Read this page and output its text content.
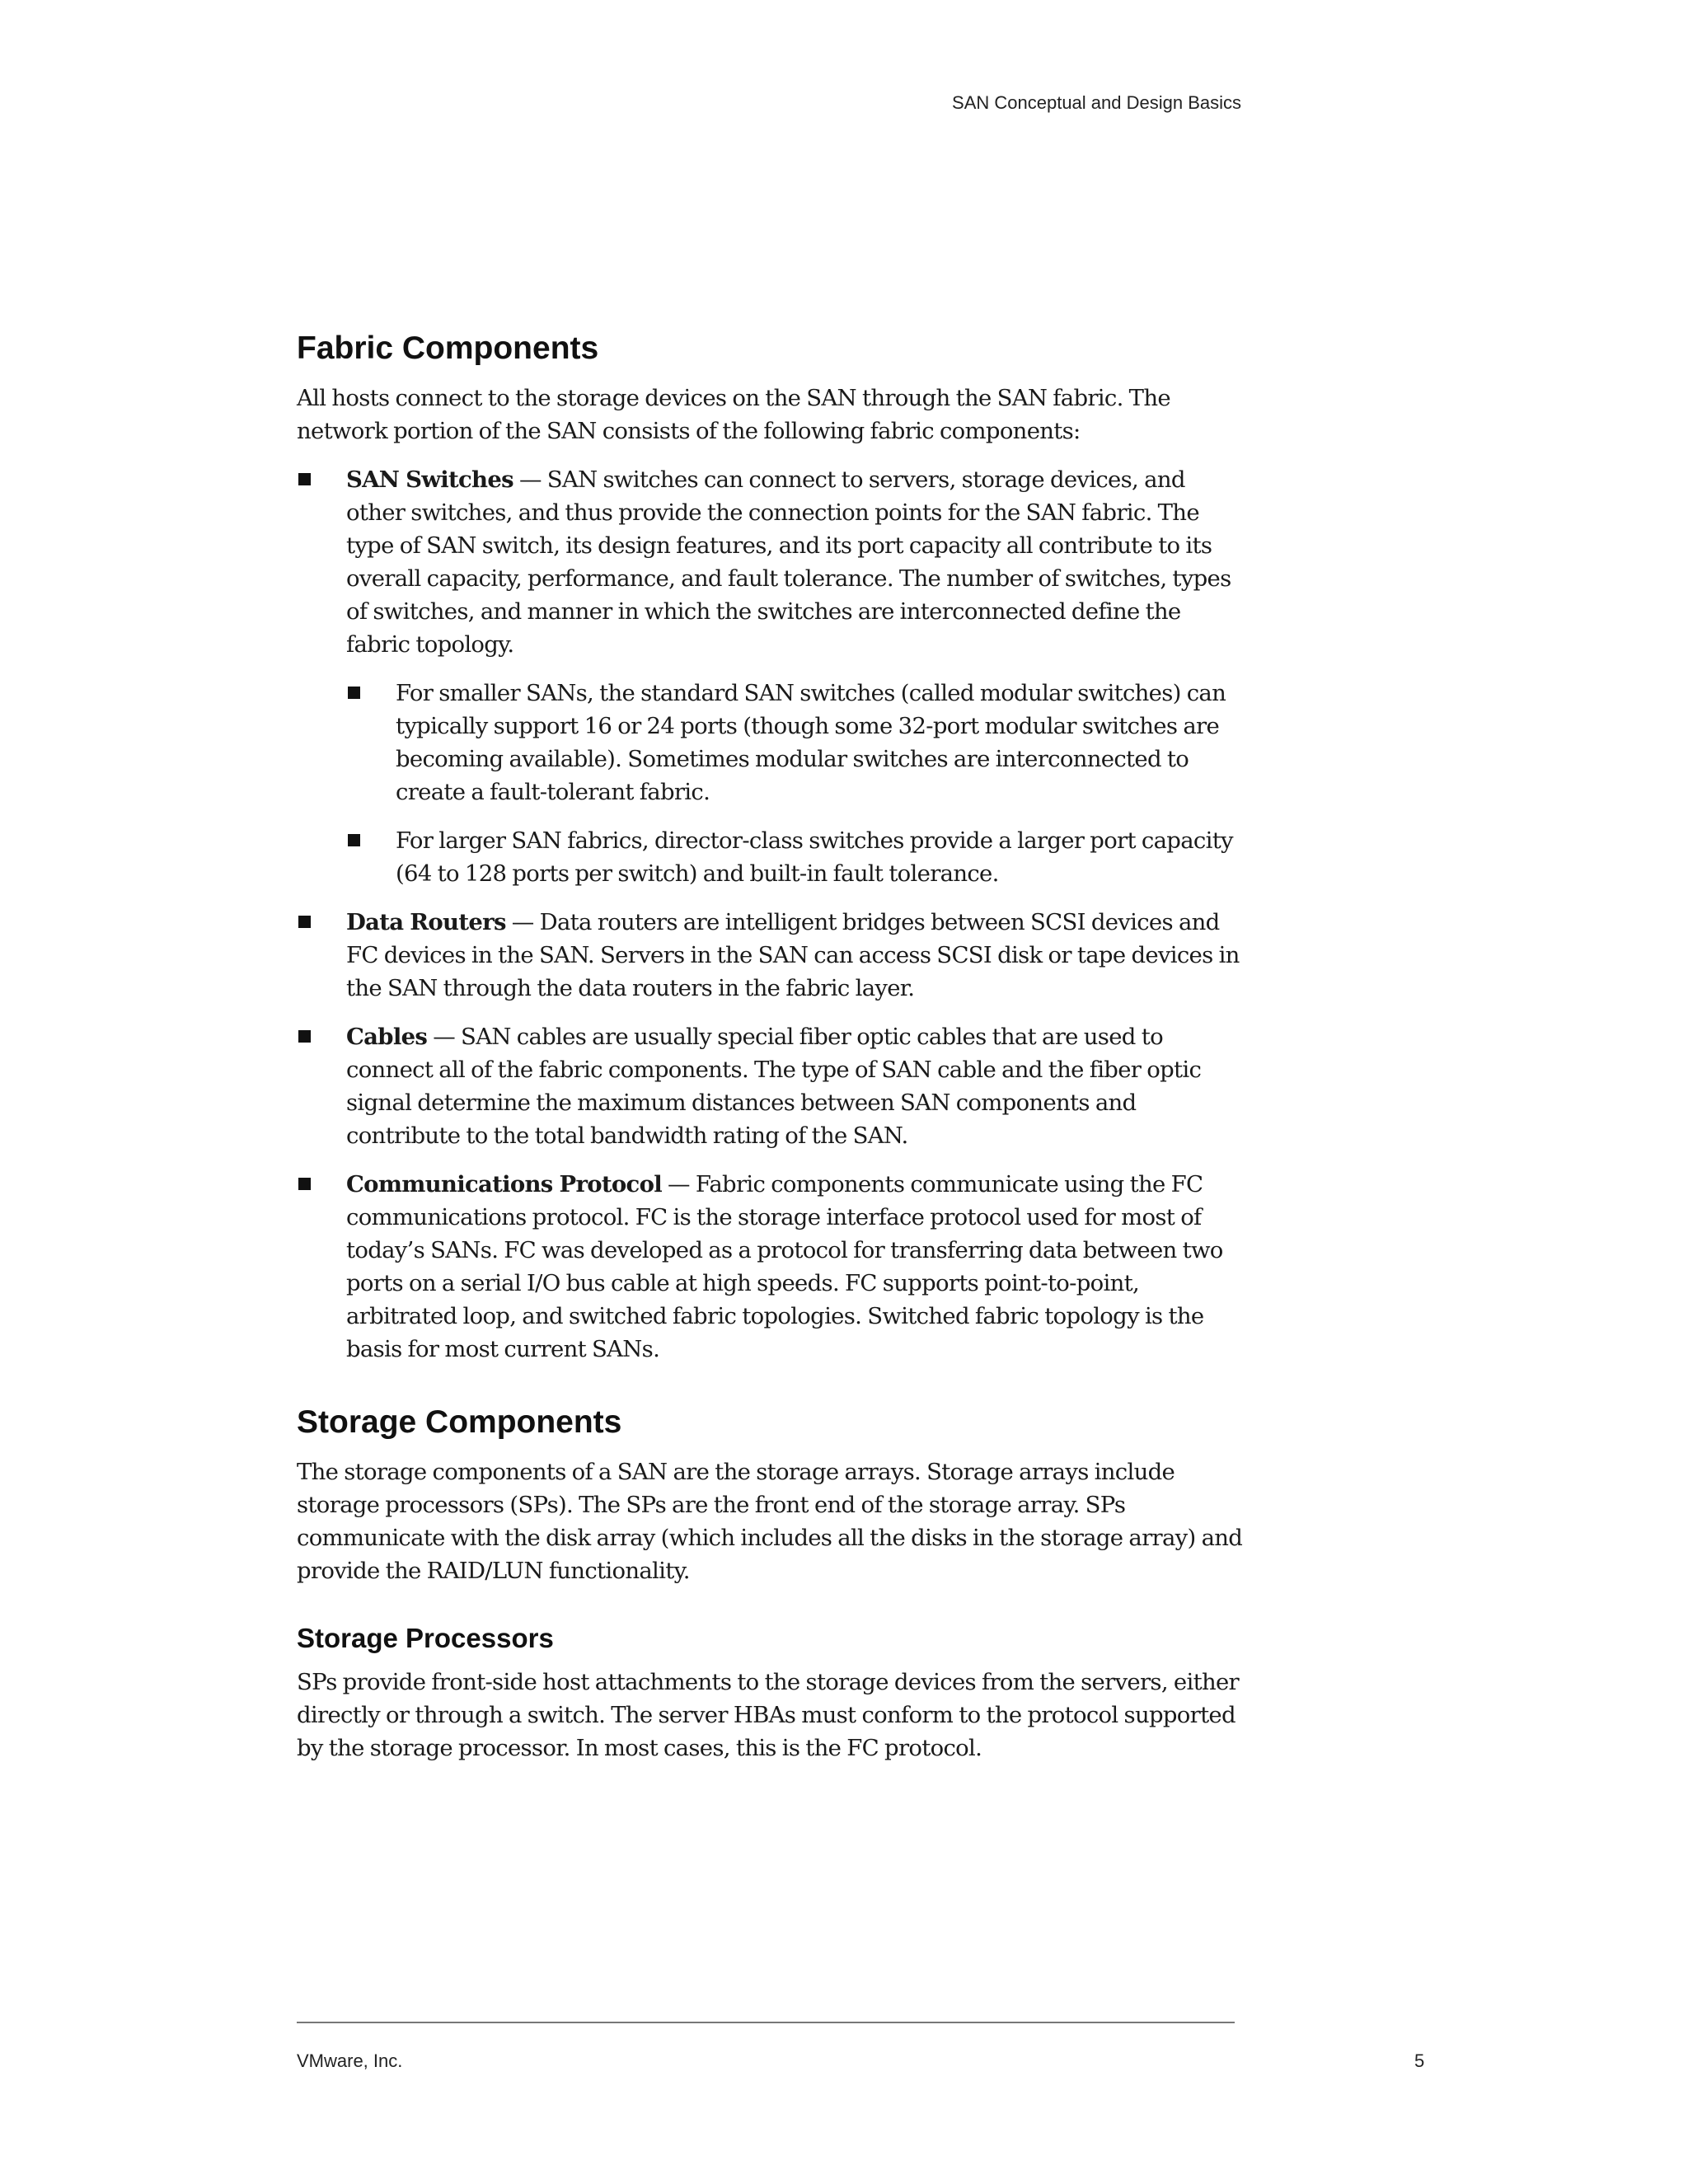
SAN Conceptual and Design Basics
Fabric Components

All hosts connect to the storage devices on the SAN through the SAN fabric. The network portion of the SAN consists of the following fabric components:

SAN Switches — SAN switches can connect to servers, storage devices, and other switches, and thus provide the connection points for the SAN fabric. The type of SAN switch, its design features, and its port capacity all contribute to its overall capacity, performance, and fault tolerance. The number of switches, types of switches, and manner in which the switches are interconnected define the fabric topology.

For smaller SANs, the standard SAN switches (called modular switches) can typically support 16 or 24 ports (though some 32-port modular switches are becoming available). Sometimes modular switches are interconnected to create a fault-tolerant fabric.

For larger SAN fabrics, director-class switches provide a larger port capacity (64 to 128 ports per switch) and built-in fault tolerance.

Data Routers — Data routers are intelligent bridges between SCSI devices and FC devices in the SAN. Servers in the SAN can access SCSI disk or tape devices in the SAN through the data routers in the fabric layer.

Cables — SAN cables are usually special fiber optic cables that are used to connect all of the fabric components. The type of SAN cable and the fiber optic signal determine the maximum distances between SAN components and contribute to the total bandwidth rating of the SAN.

Communications Protocol — Fabric components communicate using the FC communications protocol. FC is the storage interface protocol used for most of today’s SANs. FC was developed as a protocol for transferring data between two ports on a serial I/O bus cable at high speeds. FC supports point-to-point, arbitrated loop, and switched fabric topologies. Switched fabric topology is the basis for most current SANs.

Storage Components

The storage components of a SAN are the storage arrays. Storage arrays include storage processors (SPs). The SPs are the front end of the storage array. SPs communicate with the disk array (which includes all the disks in the storage array) and provide the RAID/LUN functionality.

Storage Processors

SPs provide front-side host attachments to the storage devices from the servers, either directly or through a switch. The server HBAs must conform to the protocol supported by the storage processor. In most cases, this is the FC protocol.

VMware, Inc.	5
